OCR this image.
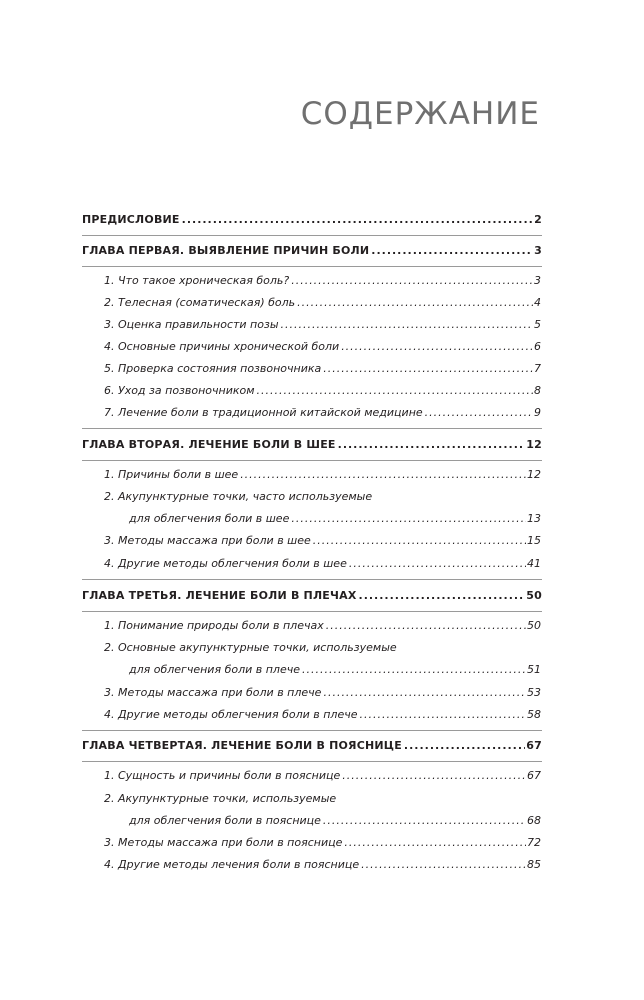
СОДЕРЖАНИЕ
ПРЕДИСЛОВИЕ .....	2
ГЛАВА ПЕРВАЯ. ВЫЯВЛЕНИЕ ПРИЧИН БОЛИ .....	3
1. Что такое хроническая боль? .....	3
2. Телесная (соматическая) боль .....	4
3. Оценка правильности позы .....	5
4. Основные причины хронической боли .....	6
5. Проверка состояния позвоночника .....	7
6. Уход за позвоночником .....	8
7. Лечение боли в традиционной китайской медицине .....	9
ГЛАВА ВТОРАЯ. ЛЕЧЕНИЕ БОЛИ В ШЕЕ .....	12
1. Причины боли в шее .....	12
2. Акупунктурные точки, часто используемые
для облегчения боли в шее .....	13
3. Методы массажа при боли в шее .....	15
4. Другие методы облегчения боли в шее .....	41
ГЛАВА ТРЕТЬЯ. ЛЕЧЕНИЕ БОЛИ В ПЛЕЧАХ .....	50
1. Понимание природы боли в плечах .....	50
2. Основные акупунктурные точки, используемые
для облегчения боли в плече .....	51
3. Методы массажа при боли в плече .....	53
4. Другие методы облегчения боли в плече .....	58
ГЛАВА ЧЕТВЕРТАЯ. ЛЕЧЕНИЕ БОЛИ В ПОЯСНИЦЕ .....	67
1. Сущность и причины боли в пояснице .....	67
2. Акупунктурные точки, используемые
для облегчения боли в пояснице .....	68
3. Методы массажа при боли в пояснице .....	72
4. Другие методы лечения боли в пояснице .....	85
